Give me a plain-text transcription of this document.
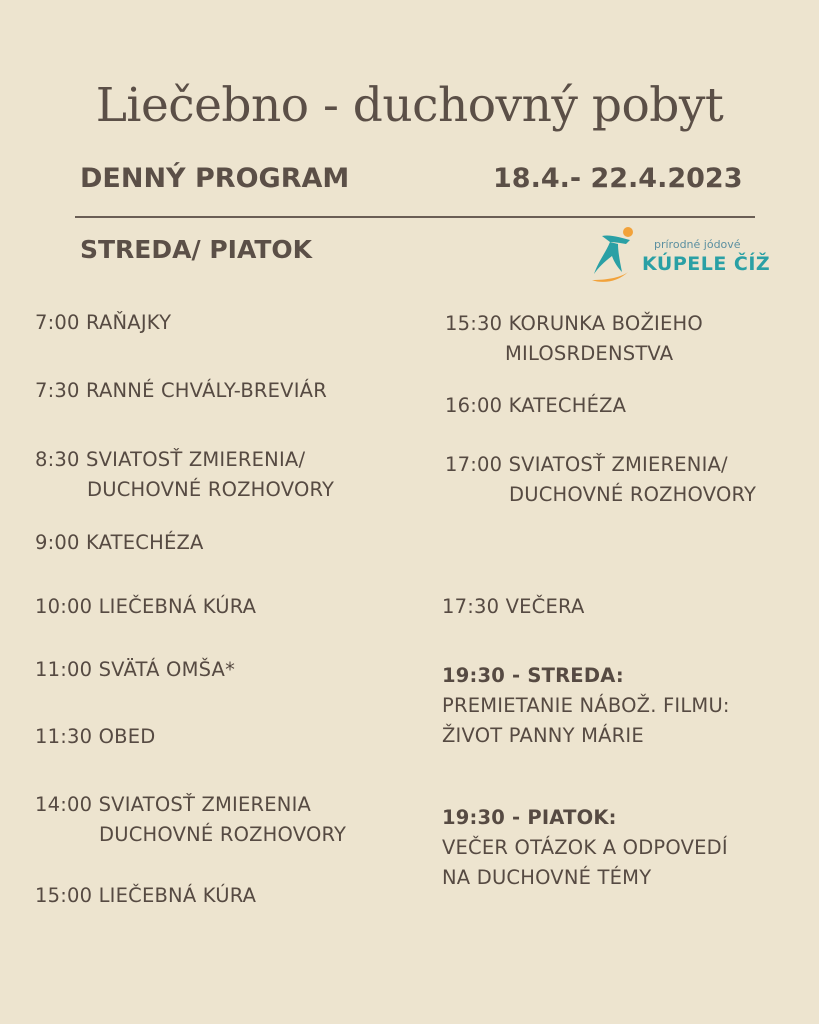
Liečebno - duchovný pobyt
DENNÝ PROGRAM	18.4.- 22.4.2023
STREDA/ PIATOK	prírodné jódové
KÚPELE ČÍŽ
7:00 RAŇAJKY
7:30 RANNÉ CHVÁLY-BREVIÁR
8:30 SVIATOSŤ ZMIERENIA/
DUCHOVNÉ ROZHOVORY
9:00 KATECHÉZA
10:00 LIEČEBNÁ KÚRA
11:00 SVÄTÁ OMŠA*
11:30 OBED
14:00 SVIATOSŤ ZMIERENIA
DUCHOVNÉ ROZHOVORY
15:00 LIEČEBNÁ KÚRA
15:30 KORUNKA BOŽIEHO
MILOSRDENSTVA
16:00 KATECHÉZA
17:00 SVIATOSŤ ZMIERENIA/
DUCHOVNÉ ROZHOVORY
17:30 VEČERA
19:30 - STREDA:
PREMIETANIE NÁBOŽ. FILMU:
ŽIVOT PANNY MÁRIE
19:30 - PIATOK:
VEČER OTÁZOK A ODPOVEDÍ
NA DUCHOVNÉ TÉMY
